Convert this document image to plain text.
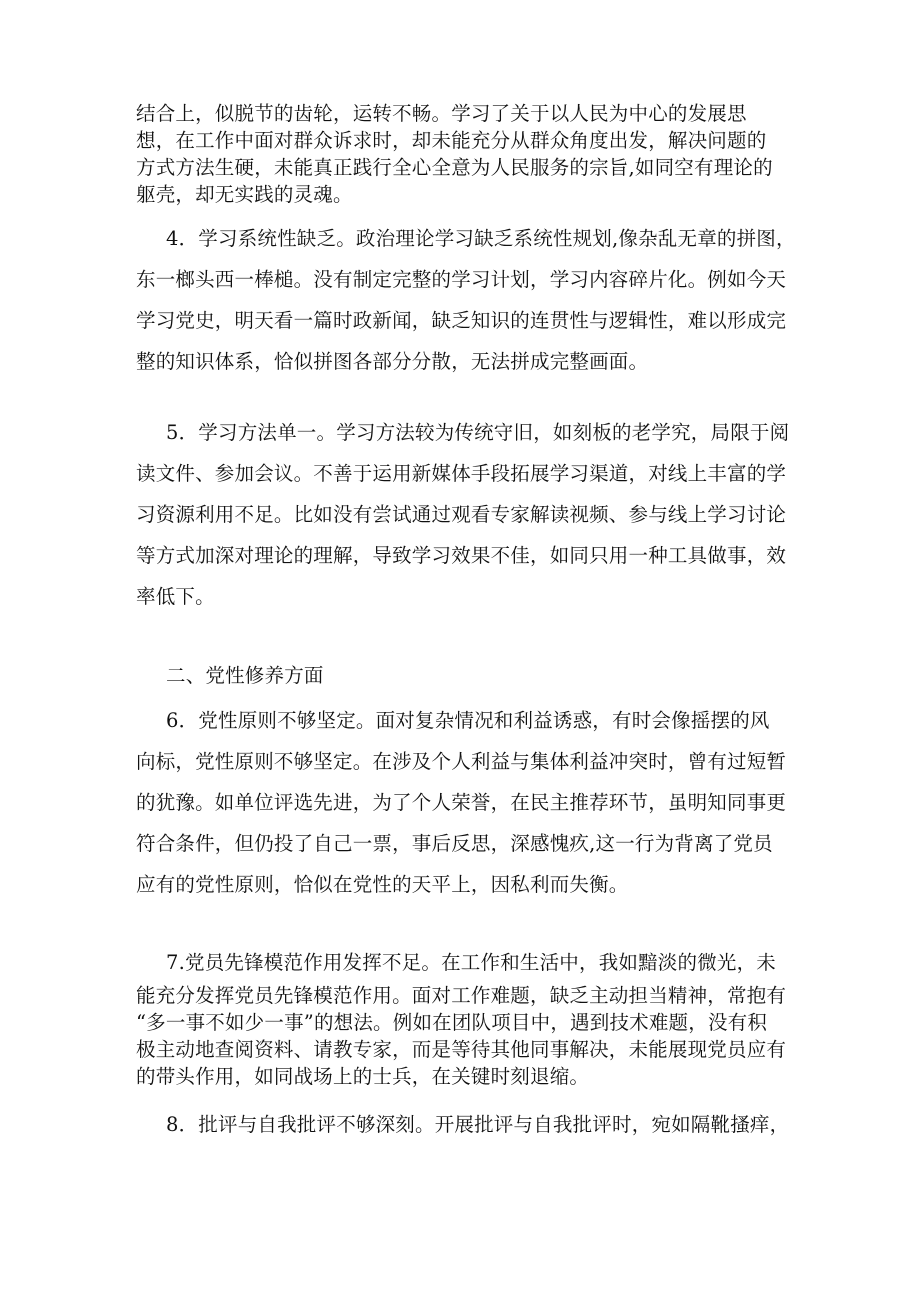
结合上，似脱节的齿轮，运转不畅。学习了关于以人民为中心的发展思
想，在工作中面对群众诉求时，却未能充分从群众角度出发，解决问题的
方式方法生硬，未能真正践行全心全意为人民服务的宗旨,如同空有理论的
躯壳，却无实践的灵魂。

4．学习系统性缺乏。政治理论学习缺乏系统性规划,像杂乱无章的拼图，
东一榔头西一棒槌。没有制定完整的学习计划，学习内容碎片化。例如今天
学习党史，明天看一篇时政新闻，缺乏知识的连贯性与逻辑性，难以形成完
整的知识体系，恰似拼图各部分分散，无法拼成完整画面。

5．学习方法单一。学习方法较为传统守旧，如刻板的老学究，局限于阅
读文件、参加会议。不善于运用新媒体手段拓展学习渠道，对线上丰富的学
习资源利用不足。比如没有尝试通过观看专家解读视频、参与线上学习讨论
等方式加深对理论的理解，导致学习效果不佳，如同只用一种工具做事，效
率低下。

二、党性修养方面

6．党性原则不够坚定。面对复杂情况和利益诱惑，有时会像摇摆的风
向标，党性原则不够坚定。在涉及个人利益与集体利益冲突时，曾有过短暂
的犹豫。如单位评选先进，为了个人荣誉，在民主推荐环节，虽明知同事更
符合条件，但仍投了自己一票，事后反思，深感愧疚,这一行为背离了党员
应有的党性原则，恰似在党性的天平上，因私利而失衡。

7.党员先锋模范作用发挥不足。在工作和生活中，我如黯淡的微光，未
能充分发挥党员先锋模范作用。面对工作难题，缺乏主动担当精神，常抱有
“多一事不如少一事”的想法。例如在团队项目中，遇到技术难题，没有积
极主动地查阅资料、请教专家，而是等待其他同事解决，未能展现党员应有
的带头作用，如同战场上的士兵，在关键时刻退缩。

8．批评与自我批评不够深刻。开展批评与自我批评时，宛如隔靴搔痒，
